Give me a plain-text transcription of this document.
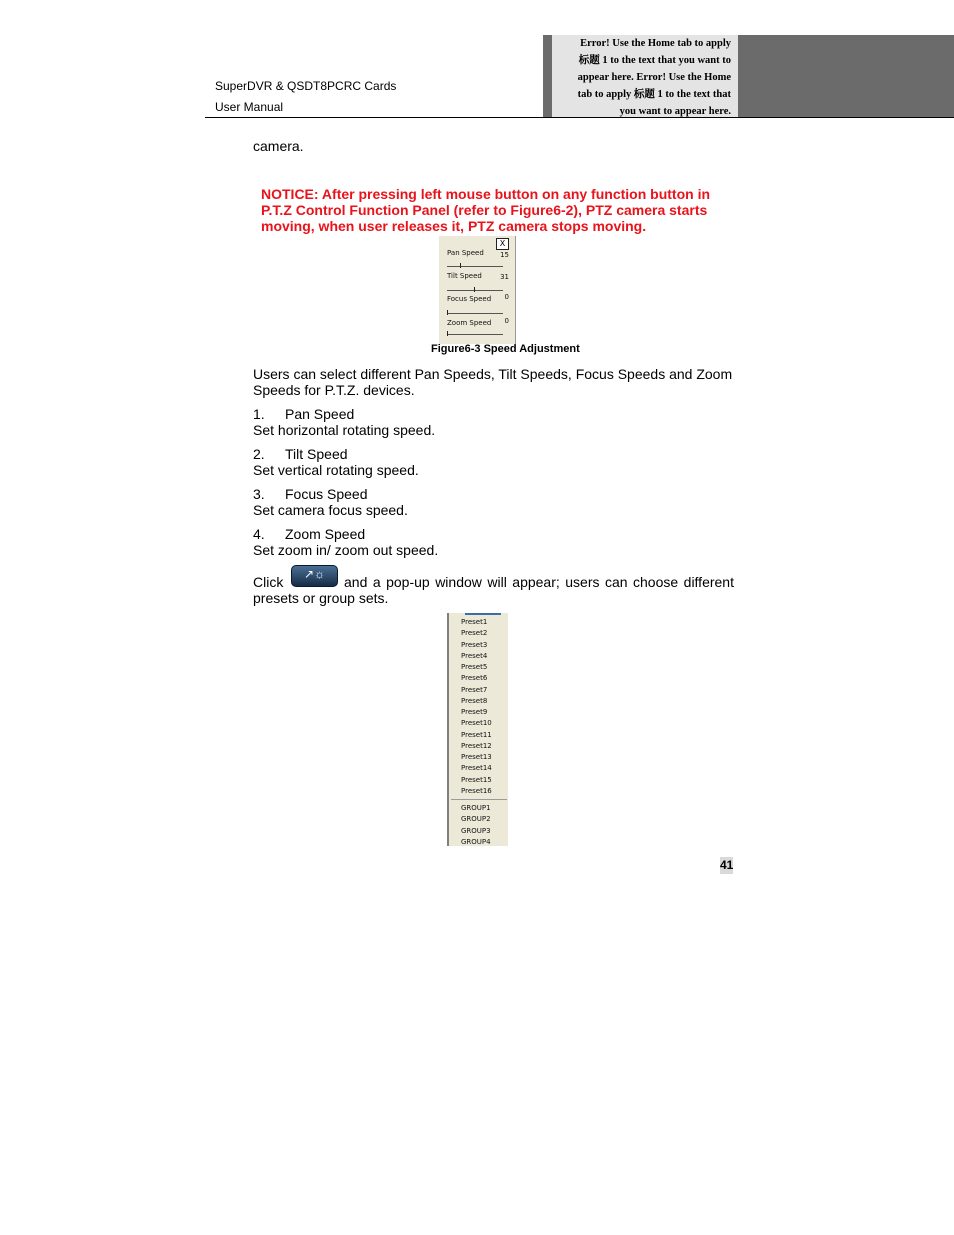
Error! Use the Home tab to apply
标题 1 to the text that you want to
appear here. Error! Use the Home
tab to apply 标题 1 to the text that
you want to appear here.
SuperDVR & QSDT8PCRC Cards
User Manual
camera.
NOTICE: After pressing left mouse button on any function button in P.T.Z Control Function Panel (refer to Figure6-2), PTZ camera starts moving, when user releases it, PTZ camera stops moving.
X
Pan Speed	15
Tilt Speed	31
Focus Speed	0
Zoom Speed	0
Figure6-3 Speed Adjustment
Users can select different Pan Speeds, Tilt Speeds, Focus Speeds and Zoom Speeds for P.T.Z. devices.
1. Pan Speed
Set horizontal rotating speed.
2. Tilt Speed
Set vertical rotating speed.
3. Focus Speed
Set camera focus speed.
4. Zoom Speed
Set zoom in/ zoom out speed.
Click	↗☼	and a pop-up window will appear; users can choose different
presets or group sets.
Preset1
Preset2
Preset3
Preset4
Preset5
Preset6
Preset7
Preset8
Preset9
Preset10
Preset11
Preset12
Preset13
Preset14
Preset15
Preset16
GROUP1
GROUP2
GROUP3
GROUP4
41
